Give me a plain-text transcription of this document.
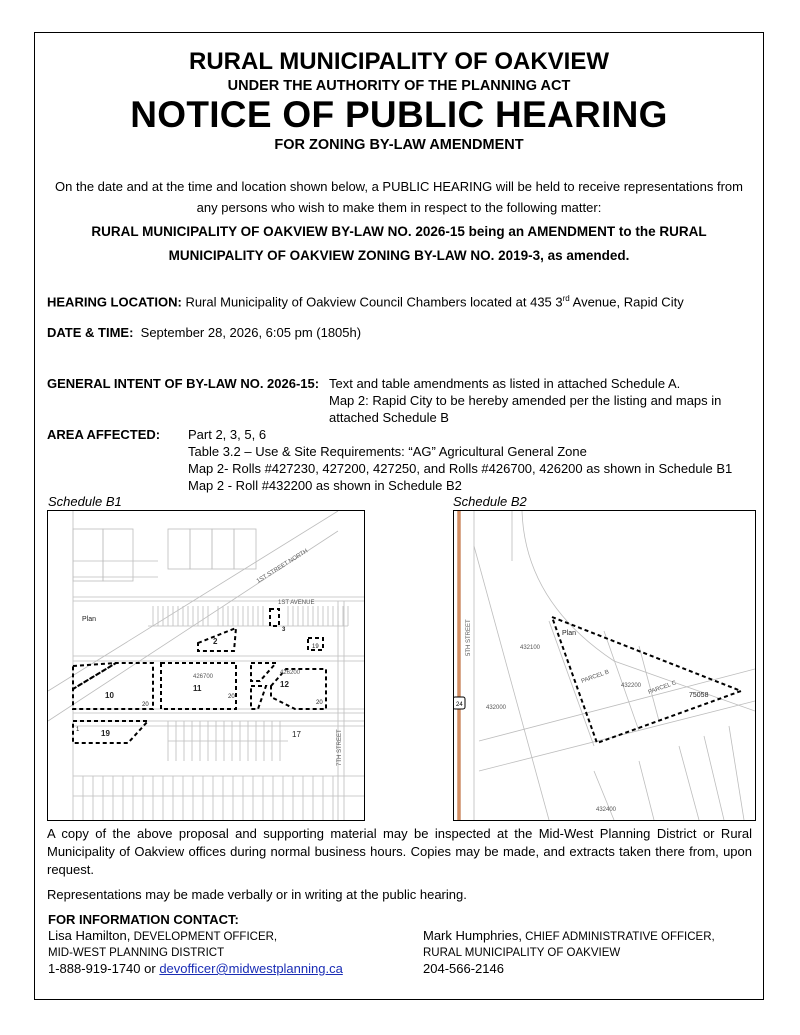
RURAL MUNICIPALITY OF OAKVIEW
UNDER THE AUTHORITY OF THE PLANNING ACT
NOTICE OF PUBLIC HEARING
FOR ZONING BY-LAW AMENDMENT
On the date and at the time and location shown below, a PUBLIC HEARING will be held to receive representations from
any persons who wish to make them in respect to the following matter:
RURAL MUNICIPALITY OF OAKVIEW BY-LAW NO. 2026-15 being an AMENDMENT to the RURAL
MUNICIPALITY OF OAKVIEW ZONING BY-LAW NO. 2019-3, as amended.
HEARING LOCATION: Rural Municipality of Oakview Council Chambers located at 435 3rd Avenue, Rapid City
DATE & TIME: September 28, 2026, 6:05 pm (1805h)
GENERAL INTENT OF BY-LAW NO. 2026-15: Text and table amendments as listed in attached Schedule A.
Map 2: Rapid City to be hereby amended per the listing and maps in
attached Schedule B
AREA AFFECTED: Part 2, 3, 5, 6
Table 3.2 – Use & Site Requirements: “AG” Agricultural General Zone
Map 2- Rolls #427230, 427200, 427250, and Rolls #426700, 426200 as shown in Schedule B1
Map 2 - Roll #432200 as shown in Schedule B2
Schedule B1	Schedule B2
1ST STREET NORTH
1ST AVENUE
7TH STREET
426700
426200
Plan
2
3
19
11
20
10
20
12
20
19	17
1
5TH STREET	432100
432000
432200
PARCEL B
PARCEL C
432400
24
Plan
75058
A copy of the above proposal and supporting material may be inspected at the Mid-West Planning District or Rural Municipality of Oakview offices during normal business hours. Copies may be made, and extracts taken there from, upon request.
Representations may be made verbally or in writing at the public hearing.
FOR INFORMATION CONTACT:
Lisa Hamilton, DEVELOPMENT OFFICER,
MID-WEST PLANNING DISTRICT
1-888-919-1740 or devofficer@midwestplanning.ca
Mark Humphries, CHIEF ADMINISTRATIVE OFFICER,
RURAL MUNICIPALITY OF OAKVIEW
204-566-2146
